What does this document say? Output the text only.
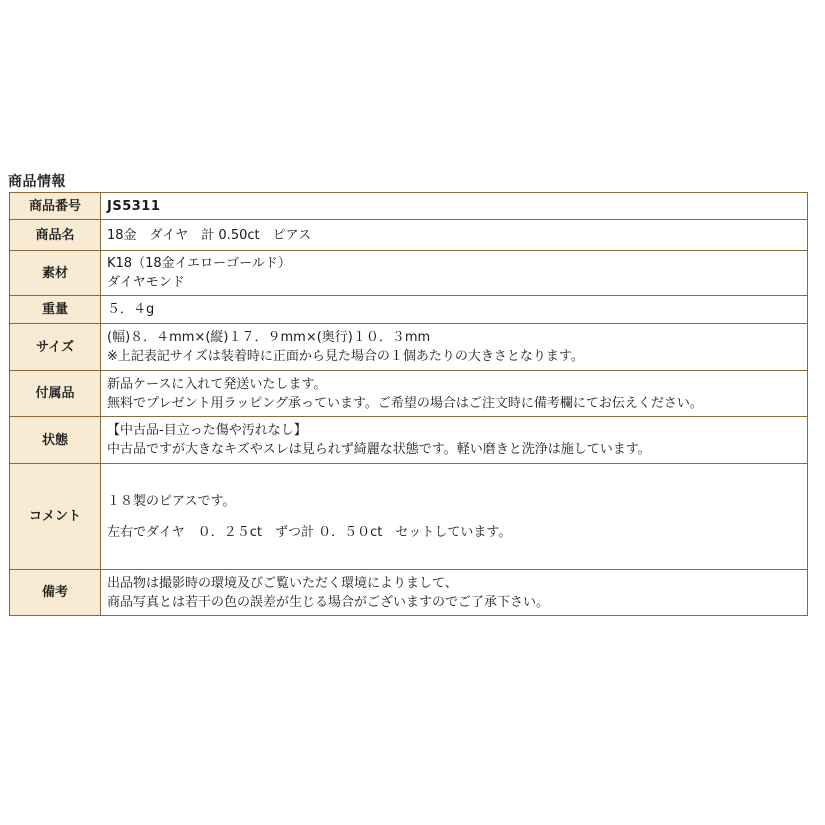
商品情報
商品番号	JS5311
商品名	18金　ダイヤ　計 0.50ct　ピアス
素材	K18（18金イエローゴールド）
ダイヤモンド

重量	５．４g
サイズ	(幅)８．４mm×(縦)１７．９mm×(奥行)１０．３mm
※上記表記サイズは装着時に正面から見た場合の１個あたりの大きさとなります。

付属品	新品ケースに入れて発送いたします。
無料でプレゼント用ラッピング承っています。ご希望の場合はご注文時に備考欄にてお伝えください。

状態	【中古品-目立った傷や汚れなし】
中古品ですが大きなキズやスレは見られず綺麗な状態です。軽い磨きと洗浄は施しています。

コメント	１８製のピアスです。
左右でダイヤ　０．２５ct　ずつ計 ０．５０ct　セットしています。

備考	出品物は撮影時の環境及びご覧いただく環境によりまして、
商品写真とは若干の色の誤差が生じる場合がございますのでご了承下さい。
